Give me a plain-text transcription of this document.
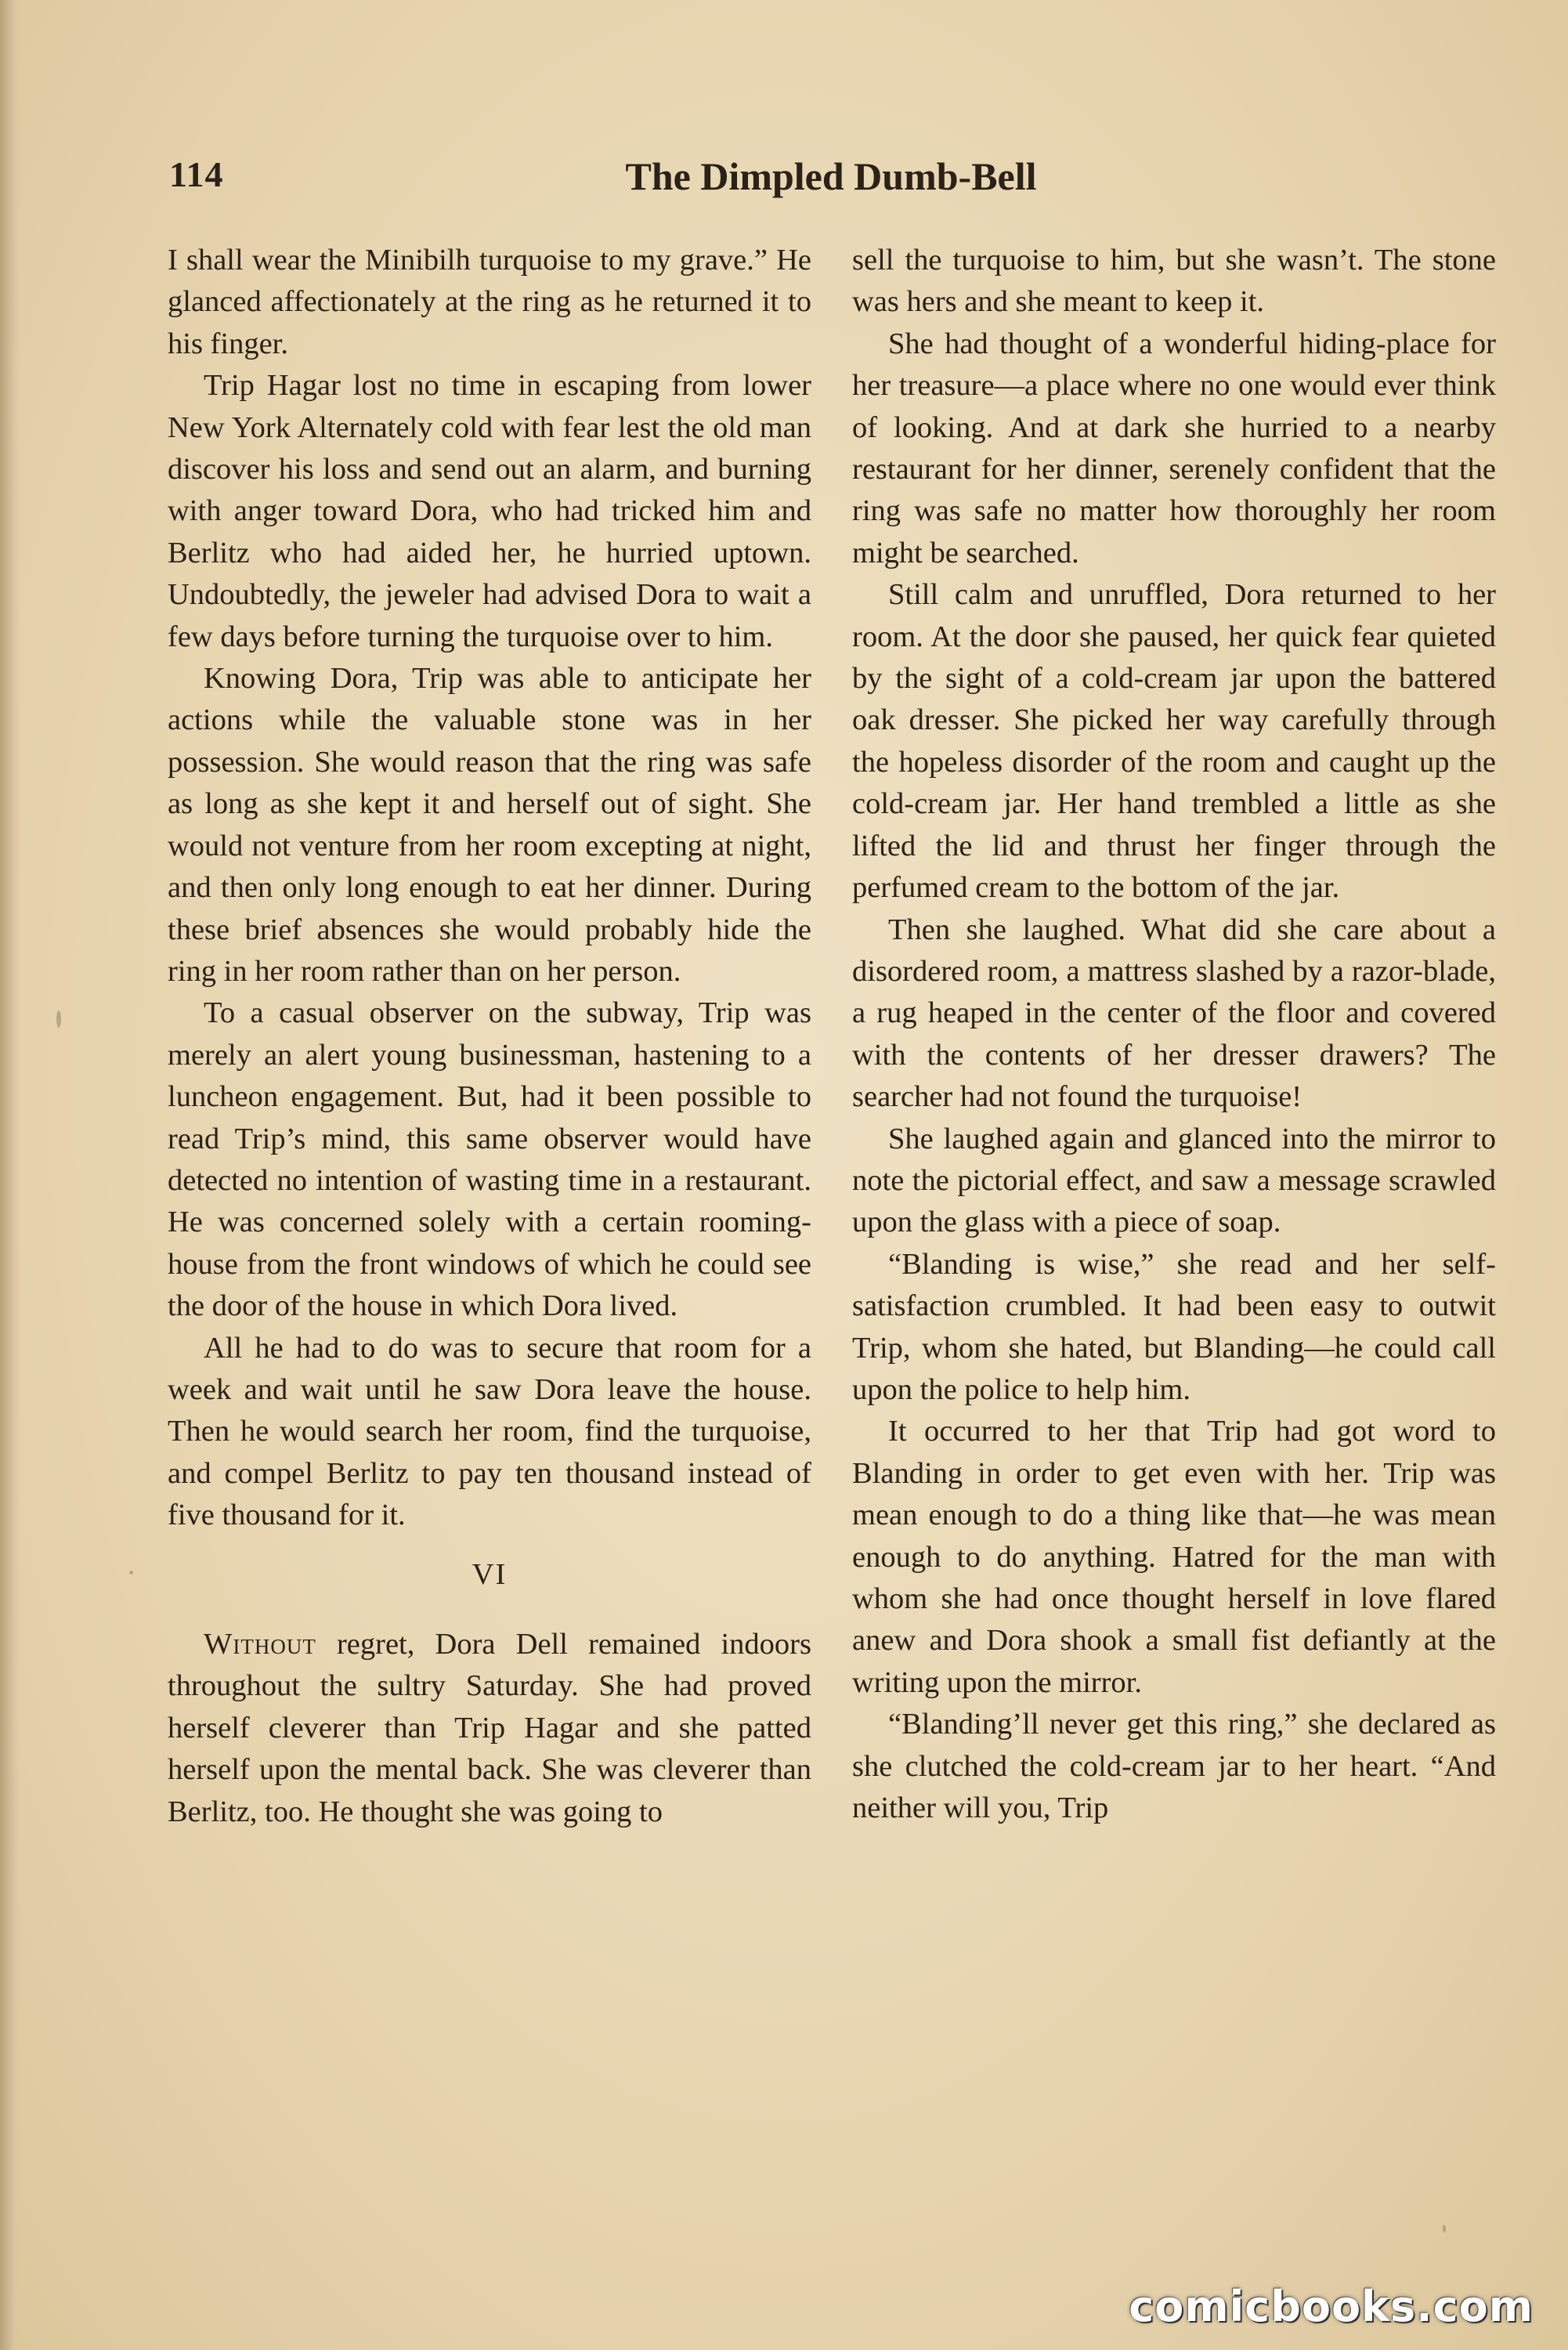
114	The Dimpled Dumb-Bell

I shall wear the Minibilh turquoise to my grave.” He glanced affectionately at the ring as he returned it to his finger.

Trip Hagar lost no time in escaping from lower New York Alternately cold with fear lest the old man discover his loss and send out an alarm, and burning with anger toward Dora, who had tricked him and Berlitz who had aided her, he hurried uptown. Undoubtedly, the jeweler had advised Dora to wait a few days before turning the turquoise over to him.

Knowing Dora, Trip was able to anticipate her actions while the valuable stone was in her possession. She would reason that the ring was safe as long as she kept it and herself out of sight. She would not venture from her room excepting at night, and then only long enough to eat her dinner. During these brief absences she would probably hide the ring in her room rather than on her person.

To a casual observer on the subway, Trip was merely an alert young businessman, hastening to a luncheon engagement. But, had it been possible to read Trip’s mind, this same observer would have detected no intention of wasting time in a restaurant. He was concerned solely with a certain rooming-house from the front windows of which he could see the door of the house in which Dora lived.

All he had to do was to secure that room for a week and wait until he saw Dora leave the house. Then he would search her room, find the turquoise, and compel Berlitz to pay ten thousand instead of five thousand for it.

VI

Without regret, Dora Dell remained indoors throughout the sultry Saturday. She had proved herself cleverer than Trip Hagar and she patted herself upon the mental back. She was cleverer than Berlitz, too. He thought she was going to

sell the turquoise to him, but she wasn’t. The stone was hers and she meant to keep it.

She had thought of a wonderful hiding-place for her treasure—a place where no one would ever think of looking. And at dark she hurried to a nearby restaurant for her dinner, serenely confident that the ring was safe no matter how thoroughly her room might be searched.

Still calm and unruffled, Dora returned to her room. At the door she paused, her quick fear quieted by the sight of a cold-cream jar upon the battered oak dresser. She picked her way carefully through the hopeless disorder of the room and caught up the cold-cream jar. Her hand trembled a little as she lifted the lid and thrust her finger through the perfumed cream to the bottom of the jar.

Then she laughed. What did she care about a disordered room, a mattress slashed by a razor-blade, a rug heaped in the center of the floor and covered with the contents of her dresser drawers? The searcher had not found the turquoise!

She laughed again and glanced into the mirror to note the pictorial effect, and saw a message scrawled upon the glass with a piece of soap.

“Blanding is wise,” she read and her self-satisfaction crumbled. It had been easy to outwit Trip, whom she hated, but Blanding—he could call upon the police to help him.

It occurred to her that Trip had got word to Blanding in order to get even with her. Trip was mean enough to do a thing like that—he was mean enough to do anything. Hatred for the man with whom she had once thought herself in love flared anew and Dora shook a small fist defiantly at the writing upon the mirror.

“Blanding’ll never get this ring,” she declared as she clutched the cold-cream jar to her heart. “And neither will you, Trip

comicbooks.com
